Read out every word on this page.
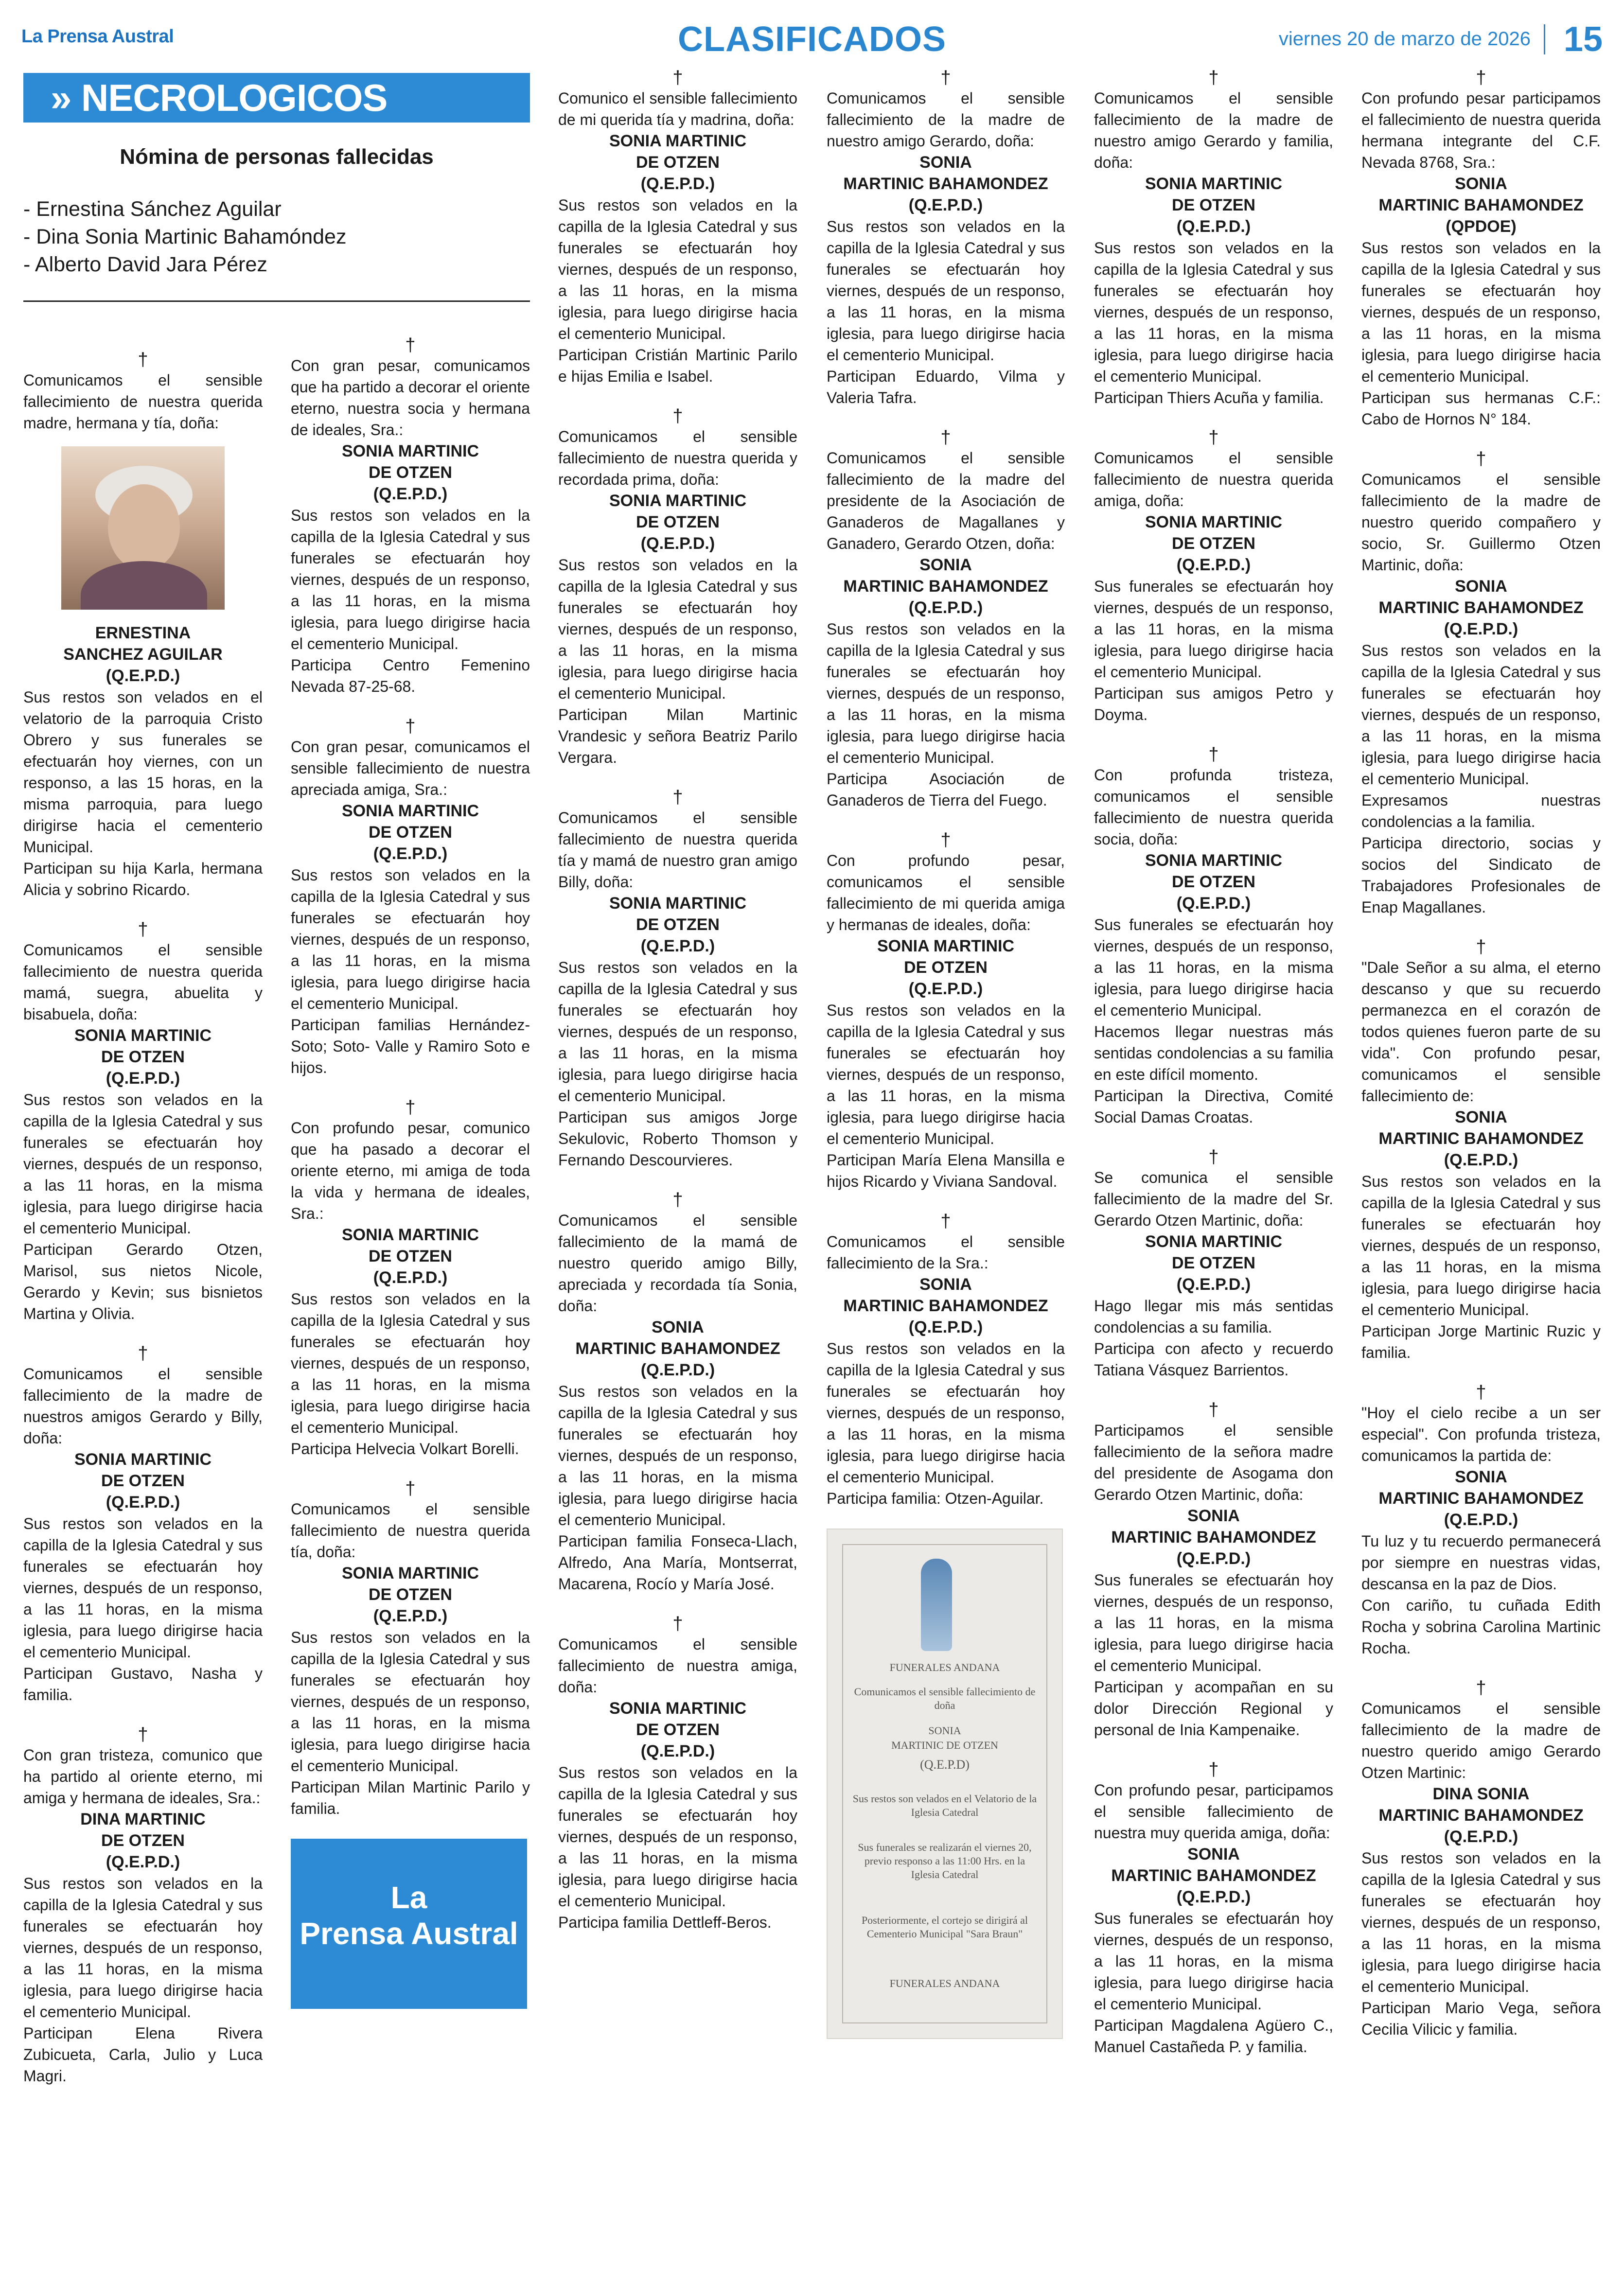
La Prensa Austral	CLASIFICADOS	viernes 20 de marzo de 2026 15
» NECROLOGICOS
Nómina de personas fallecidas
- Ernestina Sánchez Aguilar
- Dina Sonia Martinic Bahamóndez
- Alberto David Jara Pérez
†
Comunicamos el sensible fallecimiento de nuestra querida madre, hermana y tía, doña:
ERNESTINA
SANCHEZ AGUILAR
(Q.E.P.D.)
Sus restos son velados en el velatorio de la parroquia Cristo Obrero y sus funerales se efectuarán hoy viernes, con un responso, a las 15 horas, en la misma parroquia, para luego dirigirse hacia el cementerio Municipal.
Participan su hija Karla, hermana Alicia y sobrino Ricardo.
†
Comunicamos el sensible fallecimiento de nuestra querida mamá, suegra, abuelita y bisabuela, doña:
SONIA MARTINIC
DE OTZEN
(Q.E.P.D.)
Sus restos son velados en la capilla de la Iglesia Catedral y sus funerales se efectuarán hoy viernes, después de un responso, a las 11 horas, en la misma iglesia, para luego dirigirse hacia el cementerio Municipal.
Participan Gerardo Otzen, Marisol, sus nietos Nicole, Gerardo y Kevin; sus bisnietos Martina y Olivia.
†
Comunicamos el sensible fallecimiento de la madre de nuestros amigos Gerardo y Billy, doña:
SONIA MARTINIC
DE OTZEN
(Q.E.P.D.)
Sus restos son velados en la capilla de la Iglesia Catedral y sus funerales se efectuarán hoy viernes, después de un responso, a las 11 horas, en la misma iglesia, para luego dirigirse hacia el cementerio Municipal.
Participan Gustavo, Nasha y familia.
†
Con gran tristeza, comunico que ha partido al oriente eterno, mi amiga y hermana de ideales, Sra.:
DINA MARTINIC
DE OTZEN
(Q.E.P.D.)
Sus restos son velados en la capilla de la Iglesia Catedral y sus funerales se efectuarán hoy viernes, después de un responso, a las 11 horas, en la misma iglesia, para luego dirigirse hacia el cementerio Municipal.
Participan Elena Rivera Zubicueta, Carla, Julio y Luca Magri.
†
Con gran pesar, comunicamos que ha partido a decorar el oriente eterno, nuestra socia y hermana de ideales, Sra.:
SONIA MARTINIC
DE OTZEN
(Q.E.P.D.)
Sus restos son velados en la capilla de la Iglesia Catedral y sus funerales se efectuarán hoy viernes, después de un responso, a las 11 horas, en la misma iglesia, para luego dirigirse hacia el cementerio Municipal.
Participa Centro Femenino Nevada 87-25-68.
†
Con gran pesar, comunicamos el sensible fallecimiento de nuestra apreciada amiga, Sra.:
SONIA MARTINIC
DE OTZEN
(Q.E.P.D.)
Sus restos son velados en la capilla de la Iglesia Catedral y sus funerales se efectuarán hoy viernes, después de un responso, a las 11 horas, en la misma iglesia, para luego dirigirse hacia el cementerio Municipal.
Participan familias Hernández- Soto; Soto- Valle y Ramiro Soto e hijos.
†
Con profundo pesar, comunico que ha pasado a decorar el oriente eterno, mi amiga de toda la vida y hermana de ideales, Sra.:
SONIA MARTINIC
DE OTZEN
(Q.E.P.D.)
Sus restos son velados en la capilla de la Iglesia Catedral y sus funerales se efectuarán hoy viernes, después de un responso, a las 11 horas, en la misma iglesia, para luego dirigirse hacia el cementerio Municipal.
Participa Helvecia Volkart Borelli.
†
Comunicamos el sensible fallecimiento de nuestra querida tía, doña:
SONIA MARTINIC
DE OTZEN
(Q.E.P.D.)
Sus restos son velados en la capilla de la Iglesia Catedral y sus funerales se efectuarán hoy viernes, después de un responso, a las 11 horas, en la misma iglesia, para luego dirigirse hacia el cementerio Municipal.
Participan Milan Martinic Parilo y familia.
La
Prensa Austral
†
Comunico el sensible fallecimiento de mi querida tía y madrina, doña:
SONIA MARTINIC
DE OTZEN
(Q.E.P.D.)
Sus restos son velados en la capilla de la Iglesia Catedral y sus funerales se efectuarán hoy viernes, después de un responso, a las 11 horas, en la misma iglesia, para luego dirigirse hacia el cementerio Municipal.
Participan Cristián Martinic Parilo e hijas Emilia e Isabel.
†
Comunicamos el sensible fallecimiento de nuestra querida y recordada prima, doña:
SONIA MARTINIC
DE OTZEN
(Q.E.P.D.)
Sus restos son velados en la capilla de la Iglesia Catedral y sus funerales se efectuarán hoy viernes, después de un responso, a las 11 horas, en la misma iglesia, para luego dirigirse hacia el cementerio Municipal.
Participan Milan Martinic Vrandesic y señora Beatriz Parilo Vergara.
†
Comunicamos el sensible fallecimiento de nuestra querida tía y mamá de nuestro gran amigo Billy, doña:
SONIA MARTINIC
DE OTZEN
(Q.E.P.D.)
Sus restos son velados en la capilla de la Iglesia Catedral y sus funerales se efectuarán hoy viernes, después de un responso, a las 11 horas, en la misma iglesia, para luego dirigirse hacia el cementerio Municipal.
Participan sus amigos Jorge Sekulovic, Roberto Thomson y Fernando Descourvieres.
†
Comunicamos el sensible fallecimiento de la mamá de nuestro querido amigo Billy, apreciada y recordada tía Sonia, doña:
SONIA
MARTINIC BAHAMONDEZ
(Q.E.P.D.)
Sus restos son velados en la capilla de la Iglesia Catedral y sus funerales se efectuarán hoy viernes, después de un responso, a las 11 horas, en la misma iglesia, para luego dirigirse hacia el cementerio Municipal.
Participan familia Fonseca-Llach, Alfredo, Ana María, Montserrat, Macarena, Rocío y María José.
†
Comunicamos el sensible fallecimiento de nuestra amiga, doña:
SONIA MARTINIC
DE OTZEN
(Q.E.P.D.)
Sus restos son velados en la capilla de la Iglesia Catedral y sus funerales se efectuarán hoy viernes, después de un responso, a las 11 horas, en la misma iglesia, para luego dirigirse hacia el cementerio Municipal.
Participa familia Dettleff-Beros.
†
Comunicamos el sensible fallecimiento de la madre de nuestro amigo Gerardo, doña:
SONIA
MARTINIC BAHAMONDEZ
(Q.E.P.D.)
Sus restos son velados en la capilla de la Iglesia Catedral y sus funerales se efectuarán hoy viernes, después de un responso, a las 11 horas, en la misma iglesia, para luego dirigirse hacia el cementerio Municipal.
Participan Eduardo, Vilma y Valeria Tafra.
†
Comunicamos el sensible fallecimiento de la madre del presidente de la Asociación de Ganaderos de Magallanes y Ganadero, Gerardo Otzen, doña:
SONIA
MARTINIC BAHAMONDEZ
(Q.E.P.D.)
Sus restos son velados en la capilla de la Iglesia Catedral y sus funerales se efectuarán hoy viernes, después de un responso, a las 11 horas, en la misma iglesia, para luego dirigirse hacia el cementerio Municipal.
Participa Asociación de Ganaderos de Tierra del Fuego.
†
Con profundo pesar, comunicamos el sensible fallecimiento de mi querida amiga y hermanas de ideales, doña:
SONIA MARTINIC
DE OTZEN
(Q.E.P.D.)
Sus restos son velados en la capilla de la Iglesia Catedral y sus funerales se efectuarán hoy viernes, después de un responso, a las 11 horas, en la misma iglesia, para luego dirigirse hacia el cementerio Municipal.
Participan María Elena Mansilla e hijos Ricardo y Viviana Sandoval.
†
Comunicamos el sensible fallecimiento de la Sra.:
SONIA
MARTINIC BAHAMONDEZ
(Q.E.P.D.)
Sus restos son velados en la capilla de la Iglesia Catedral y sus funerales se efectuarán hoy viernes, después de un responso, a las 11 horas, en la misma iglesia, para luego dirigirse hacia el cementerio Municipal.
Participa familia: Otzen-Aguilar.
FUNERALES ANDANA
Comunicamos el sensible fallecimiento de doña
SONIA
MARTINIC DE OTZEN
(Q.E.P.D)
Sus restos son velados en el Velatorio de la Iglesia Catedral
Sus funerales se realizarán el viernes 20, previo responso a las 11:00 Hrs. en la Iglesia Catedral
Posteriormente, el cortejo se dirigirá al Cementerio Municipal "Sara Braun"
FUNERALES ANDANA
†
Comunicamos el sensible fallecimiento de la madre de nuestro amigo Gerardo y familia, doña:
SONIA MARTINIC
DE OTZEN
(Q.E.P.D.)
Sus restos son velados en la capilla de la Iglesia Catedral y sus funerales se efectuarán hoy viernes, después de un responso, a las 11 horas, en la misma iglesia, para luego dirigirse hacia el cementerio Municipal.
Participan Thiers Acuña y familia.
†
Comunicamos el sensible fallecimiento de nuestra querida amiga, doña:
SONIA MARTINIC
DE OTZEN
(Q.E.P.D.)
Sus funerales se efectuarán hoy viernes, después de un responso, a las 11 horas, en la misma iglesia, para luego dirigirse hacia el cementerio Municipal.
Participan sus amigos Petro y Doyma.
†
Con profunda tristeza, comunicamos el sensible fallecimiento de nuestra querida socia, doña:
SONIA MARTINIC
DE OTZEN
(Q.E.P.D.)
Sus funerales se efectuarán hoy viernes, después de un responso, a las 11 horas, en la misma iglesia, para luego dirigirse hacia el cementerio Municipal.
Hacemos llegar nuestras más sentidas condolencias a su familia en este difícil momento.
Participan la Directiva, Comité Social Damas Croatas.
†
Se comunica el sensible fallecimiento de la madre del Sr. Gerardo Otzen Martinic, doña:
SONIA MARTINIC
DE OTZEN
(Q.E.P.D.)
Hago llegar mis más sentidas condolencias a su familia.
Participa con afecto y recuerdo Tatiana Vásquez Barrientos.
†
Participamos el sensible fallecimiento de la señora madre del presidente de Asogama don Gerardo Otzen Martinic, doña:
SONIA
MARTINIC BAHAMONDEZ
(Q.E.P.D.)
Sus funerales se efectuarán hoy viernes, después de un responso, a las 11 horas, en la misma iglesia, para luego dirigirse hacia el cementerio Municipal.
Participan y acompañan en su dolor Dirección Regional y personal de Inia Kampenaike.
†
Con profundo pesar, participamos el sensible fallecimiento de nuestra muy querida amiga, doña:
SONIA
MARTINIC BAHAMONDEZ
(Q.E.P.D.)
Sus funerales se efectuarán hoy viernes, después de un responso, a las 11 horas, en la misma iglesia, para luego dirigirse hacia el cementerio Municipal.
Participan Magdalena Agüero C., Manuel Castañeda P. y familia.
†
Con profundo pesar participamos el fallecimiento de nuestra querida hermana integrante del C.F. Nevada 8768, Sra.:
SONIA
MARTINIC BAHAMONDEZ
(QPDOE)
Sus restos son velados en la capilla de la Iglesia Catedral y sus funerales se efectuarán hoy viernes, después de un responso, a las 11 horas, en la misma iglesia, para luego dirigirse hacia el cementerio Municipal.
Participan sus hermanas C.F.: Cabo de Hornos N° 184.
†
Comunicamos el sensible fallecimiento de la madre de nuestro querido compañero y socio, Sr. Guillermo Otzen Martinic, doña:
SONIA
MARTINIC BAHAMONDEZ
(Q.E.P.D.)
Sus restos son velados en la capilla de la Iglesia Catedral y sus funerales se efectuarán hoy viernes, después de un responso, a las 11 horas, en la misma iglesia, para luego dirigirse hacia el cementerio Municipal.
Expresamos nuestras condolencias a la familia.
Participa directorio, socias y socios del Sindicato de Trabajadores Profesionales de Enap Magallanes.
†
"Dale Señor a su alma, el eterno descanso y que su recuerdo permanezca en el corazón de todos quienes fueron parte de su vida". Con profundo pesar, comunicamos el sensible fallecimiento de:
SONIA
MARTINIC BAHAMONDEZ
(Q.E.P.D.)
Sus restos son velados en la capilla de la Iglesia Catedral y sus funerales se efectuarán hoy viernes, después de un responso, a las 11 horas, en la misma iglesia, para luego dirigirse hacia el cementerio Municipal.
Participan Jorge Martinic Ruzic y familia.
†
"Hoy el cielo recibe a un ser especial". Con profunda tristeza, comunicamos la partida de:
SONIA
MARTINIC BAHAMONDEZ
(Q.E.P.D.)
Tu luz y tu recuerdo permanecerá por siempre en nuestras vidas, descansa en la paz de Dios.
Con cariño, tu cuñada Edith Rocha y sobrina Carolina Martinic Rocha.
†
Comunicamos el sensible fallecimiento de la madre de nuestro querido amigo Gerardo Otzen Martinic:
DINA SONIA
MARTINIC BAHAMONDEZ
(Q.E.P.D.)
Sus restos son velados en la capilla de la Iglesia Catedral y sus funerales se efectuarán hoy viernes, después de un responso, a las 11 horas, en la misma iglesia, para luego dirigirse hacia el cementerio Municipal.
Participan Mario Vega, señora Cecilia Vilicic y familia.
